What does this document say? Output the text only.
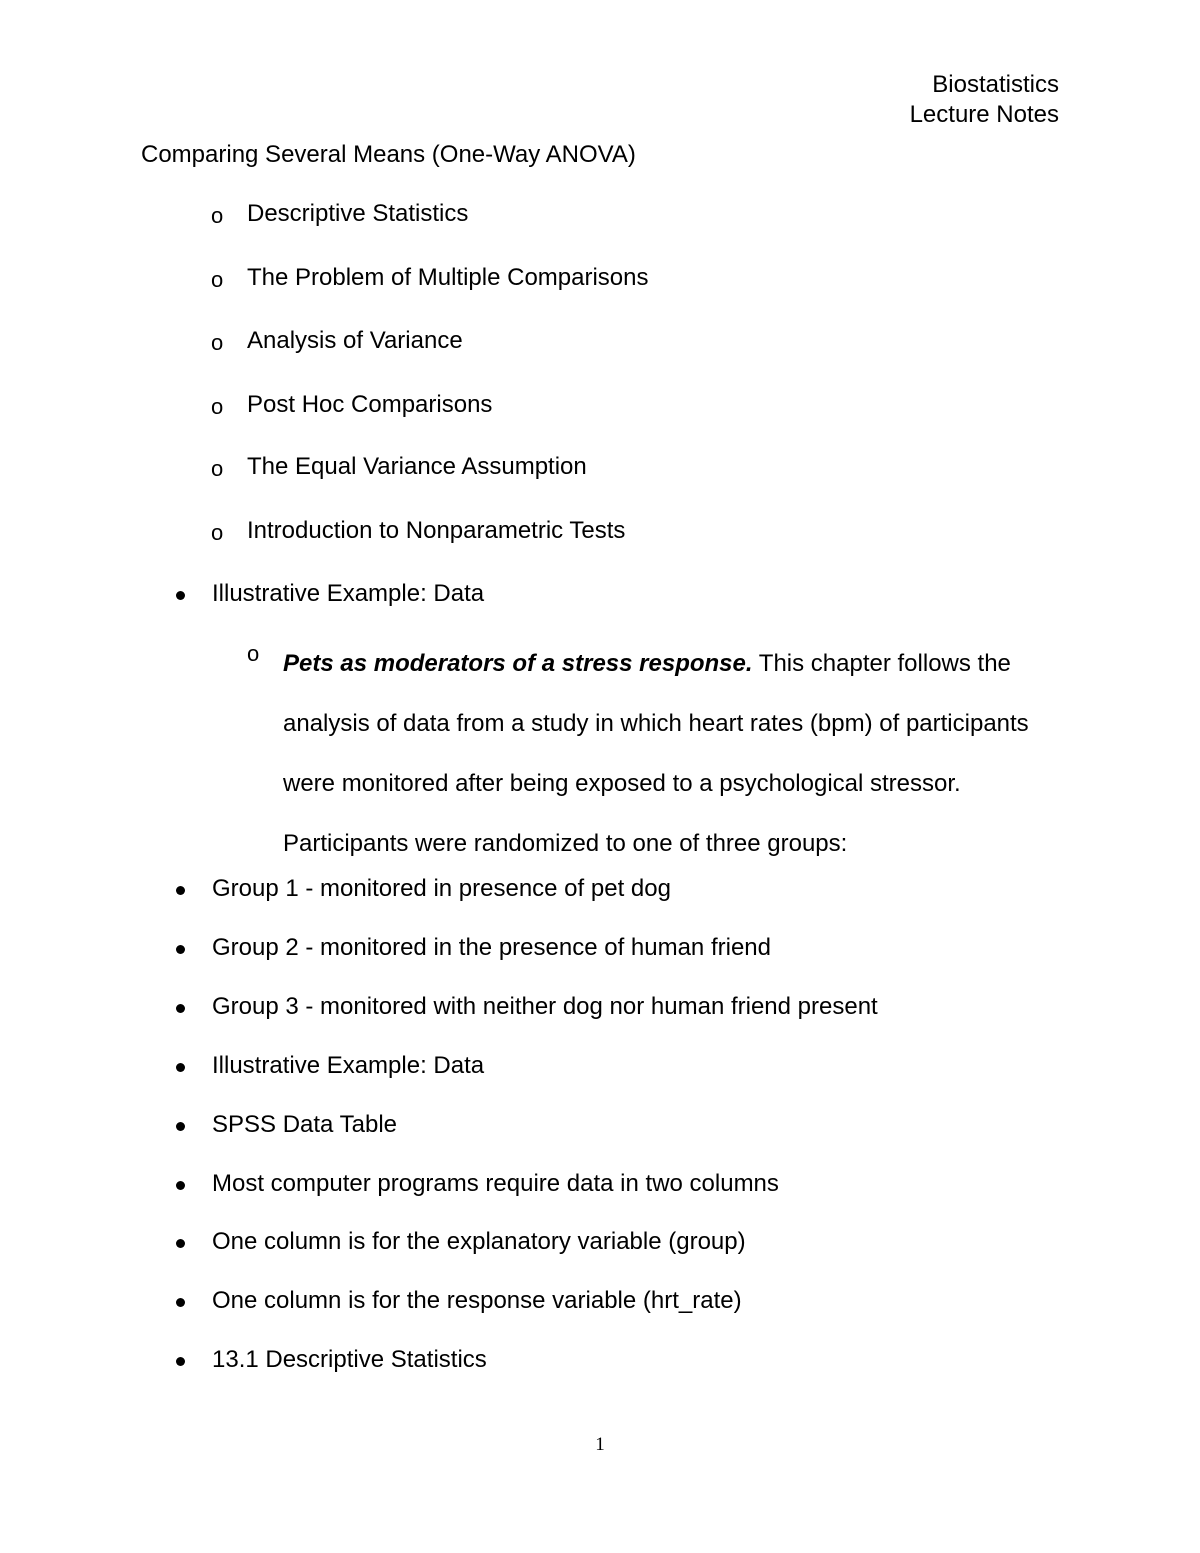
Biostatistics
Lecture Notes
Comparing Several Means (One-Way ANOVA)
o Descriptive Statistics
o The Problem of Multiple Comparisons
o Analysis of Variance
o Post Hoc Comparisons
o The Equal Variance Assumption
o Introduction to Nonparametric Tests
Illustrative Example: Data
o Pets as moderators of a stress response. This chapter follows the analysis of data from a study in which heart rates (bpm) of participants were monitored after being exposed to a psychological stressor. Participants were randomized to one of three groups:
Group 1 - monitored in presence of pet dog
Group 2 - monitored in the presence of human friend
Group 3 - monitored with neither dog nor human friend present
Illustrative Example: Data
SPSS Data Table
Most computer programs require data in two columns
One column is for the explanatory variable (group)
One column is for the response variable (hrt_rate)
13.1 Descriptive Statistics
1
